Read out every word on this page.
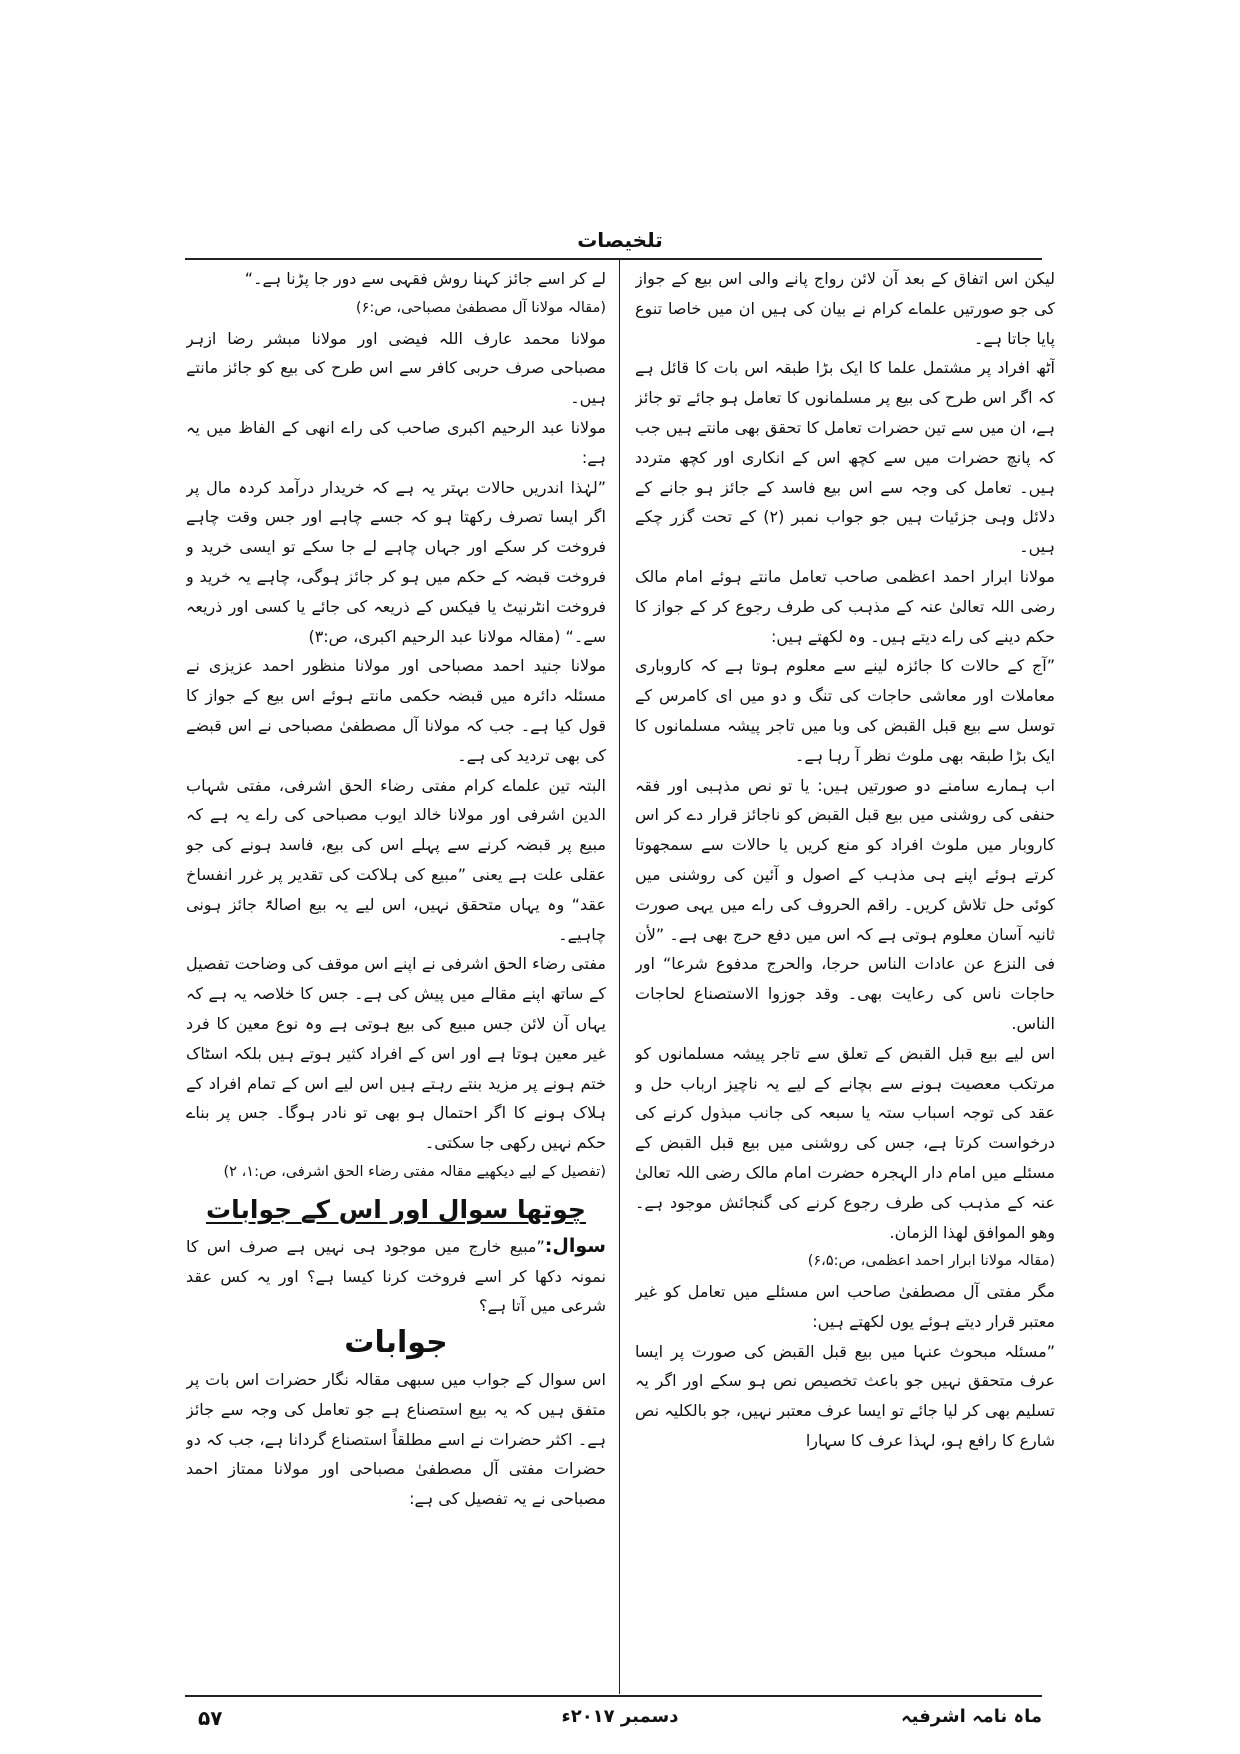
تلخیصات

لیکن اس اتفاق کے بعد آن لائن رواج پانے والی اس بیع کے جواز کی جو صورتیں علماے کرام نے بیان کی ہیں ان میں خاصا تنوع پایا جاتا ہے۔

آٹھ افراد پر مشتمل علما کا ایک بڑا طبقہ اس بات کا قائل ہے کہ اگر اس طرح کی بیع پر مسلمانوں کا تعامل ہو جائے تو جائز ہے، ان میں سے تین حضرات تعامل کا تحقق بھی مانتے ہیں جب کہ پانچ حضرات میں سے کچھ اس کے انکاری اور کچھ متردد ہیں۔ تعامل کی وجہ سے اس بیع فاسد کے جائز ہو جانے کے دلائل وہی جزئیات ہیں جو جواب نمبر (۲) کے تحت گزر چکے ہیں۔

مولانا ابرار احمد اعظمی صاحب تعامل مانتے ہوئے امام مالک رضی اللہ تعالیٰ عنہ کے مذہب کی طرف رجوع کر کے جواز کا حکم دینے کی راے دیتے ہیں۔ وہ لکھتے ہیں:

”آج کے حالات کا جائزہ لینے سے معلوم ہوتا ہے کہ کاروباری معاملات اور معاشی حاجات کی تنگ و دو میں ای کامرس کے توسل سے بیع قبل القبض کی وبا میں تاجر پیشہ مسلمانوں کا ایک بڑا طبقہ بھی ملوث نظر آ رہا ہے۔

اب ہمارے سامنے دو صورتیں ہیں: یا تو نص مذہبی اور فقہ حنفی کی روشنی میں بیع قبل القبض کو ناجائز قرار دے کر اس کاروبار میں ملوث افراد کو منع کریں یا حالات سے سمجھوتا کرتے ہوئے اپنے ہی مذہب کے اصول و آئین کی روشنی میں کوئی حل تلاش کریں۔ راقم الحروف کی راے میں یہی صورت ثانیہ آسان معلوم ہوتی ہے کہ اس میں دفع حرج بھی ہے۔ ”لأن فی النزع عن عادات الناس حرجا، والحرج مدفوع شرعا“ اور حاجات ناس کی رعایت بھی۔ وقد جوزوا الاستصناع لحاجات الناس.

اس لیے بیع قبل القبض کے تعلق سے تاجر پیشہ مسلمانوں کو مرتکب معصیت ہونے سے بچانے کے لیے یہ ناچیز ارباب حل و عقد کی توجہ اسباب ستہ یا سبعہ کی جانب مبذول کرنے کی درخواست کرتا ہے، جس کی روشنی میں بیع قبل القبض کے مسئلے میں امام دار الہجرہ حضرت امام مالک رضی اللہ تعالیٰ عنہ کے مذہب کی طرف رجوع کرنے کی گنجائش موجود ہے۔ وھو الموافق لھذا الزمان.

(مقالہ مولانا ابرار احمد اعظمی، ص:۶،۵)

مگر مفتی آل مصطفیٰ صاحب اس مسئلے میں تعامل کو غیر معتبر قرار دیتے ہوئے یوں لکھتے ہیں:

”مسئلہ مبحوث عنہا میں بیع قبل القبض کی صورت پر ایسا عرف متحقق نہیں جو باعث تخصیص نص ہو سکے اور اگر یہ تسلیم بھی کر لیا جائے تو ایسا عرف معتبر نہیں، جو بالکلیہ نص شارع کا رافع ہو، لہذا عرف کا سہارا

لے کر اسے جائز کہنا روش فقہی سے دور جا پڑنا ہے۔“

(مقالہ مولانا آل مصطفیٰ مصباحی، ص:۶)

مولانا محمد عارف اللہ فیضی اور مولانا مبشر رضا ازہر مصباحی صرف حربی کافر سے اس طرح کی بیع کو جائز مانتے ہیں۔

مولانا عبد الرحیم اکبری صاحب کی راے انھی کے الفاظ میں یہ ہے:

”لہٰذا اندریں حالات بہتر یہ ہے کہ خریدار درآمد کردہ مال پر اگر ایسا تصرف رکھتا ہو کہ جسے چاہے اور جس وقت چاہے فروخت کر سکے اور جہاں چاہے لے جا سکے تو ایسی خرید و فروخت قبضہ کے حکم میں ہو کر جائز ہوگی، چاہے یہ خرید و فروخت انٹرنیٹ یا فیکس کے ذریعہ کی جائے یا کسی اور ذریعہ سے۔“ (مقالہ مولانا عبد الرحیم اکبری، ص:۳)

مولانا جنید احمد مصباحی اور مولانا منظور احمد عزیزی نے مسئلہ دائرہ میں قبضہ حکمی مانتے ہوئے اس بیع کے جواز کا قول کیا ہے۔ جب کہ مولانا آل مصطفیٰ مصباحی نے اس قبضے کی بھی تردید کی ہے۔

البتہ تین علماے کرام مفتی رضاء الحق اشرفی، مفتی شہاب الدین اشرفی اور مولانا خالد ایوب مصباحی کی راے یہ ہے کہ مبیع پر قبضہ کرنے سے پہلے اس کی بیع، فاسد ہونے کی جو عقلی علت ہے یعنی ”مبیع کی ہلاکت کی تقدیر پر غرر انفساخ عقد“ وہ یہاں متحقق نہیں، اس لیے یہ بیع اصالۃً جائز ہونی چاہیے۔

مفتی رضاء الحق اشرفی نے اپنے اس موقف کی وضاحت تفصیل کے ساتھ اپنے مقالے میں پیش کی ہے۔ جس کا خلاصہ یہ ہے کہ یہاں آن لائن جس مبیع کی بیع ہوتی ہے وہ نوع معین کا فرد غیر معین ہوتا ہے اور اس کے افراد کثیر ہوتے ہیں بلکہ اسٹاک ختم ہونے پر مزید بنتے رہتے ہیں اس لیے اس کے تمام افراد کے ہلاک ہونے کا اگر احتمال ہو بھی تو نادر ہوگا۔ جس پر بناے حکم نہیں رکھی جا سکتی۔

(تفصیل کے لیے دیکھیے مقالہ مفتی رضاء الحق اشرفی، ص:۱، ۲)

چوتھا سوال اور اس کے جوابات

سوال:”مبیع خارج میں موجود ہی نہیں ہے صرف اس کا نمونہ دکھا کر اسے فروخت کرنا کیسا ہے؟ اور یہ کس عقد شرعی میں آتا ہے؟

جوابات

اس سوال کے جواب میں سبھی مقالہ نگار حضرات اس بات پر متفق ہیں کہ یہ بیع استصناع ہے جو تعامل کی وجہ سے جائز ہے۔ اکثر حضرات نے اسے مطلقاً استصناع گردانا ہے، جب کہ دو حضرات مفتی آل مصطفیٰ مصباحی اور مولانا ممتاز احمد مصباحی نے یہ تفصیل کی ہے:

ماہ نامہ اشرفیہ
دسمبر ۲۰۱۷ء
۵۷
